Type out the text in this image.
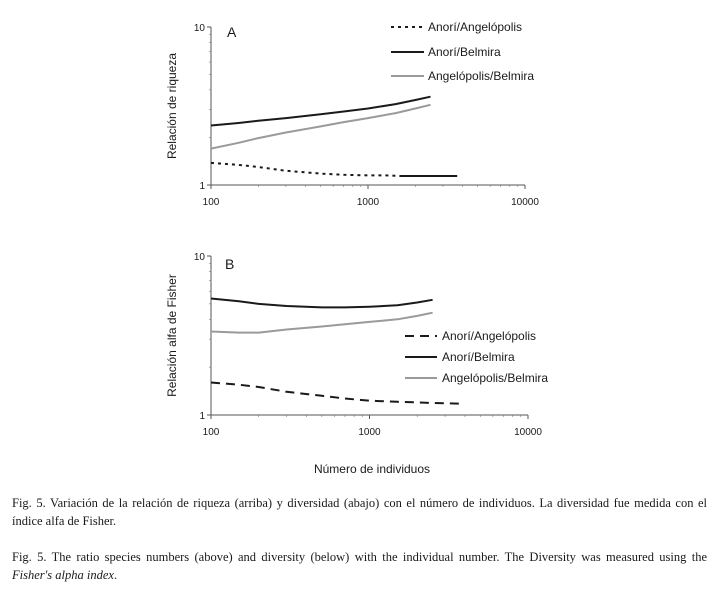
1
10
100	1000	10000
A
Relación de riqueza
Anorí/Angelópolis
Anorí/Belmira
Angelópolis/Belmira
1
10
100	1000	10000
B
Relación alfa de Fisher	Anorí/Angelópolis
Anorí/Belmira
Angelópolis/Belmira
Número de individuos
Fig. 5. Variación de la relación de riqueza (arriba) y diversidad (abajo) con el número de individuos. La diversidad fue medida con el índice alfa de Fisher.
Fig. 5. The ratio species numbers (above) and diversity (below) with the individual number. The Diversity was measured using the Fisher's alpha index.
